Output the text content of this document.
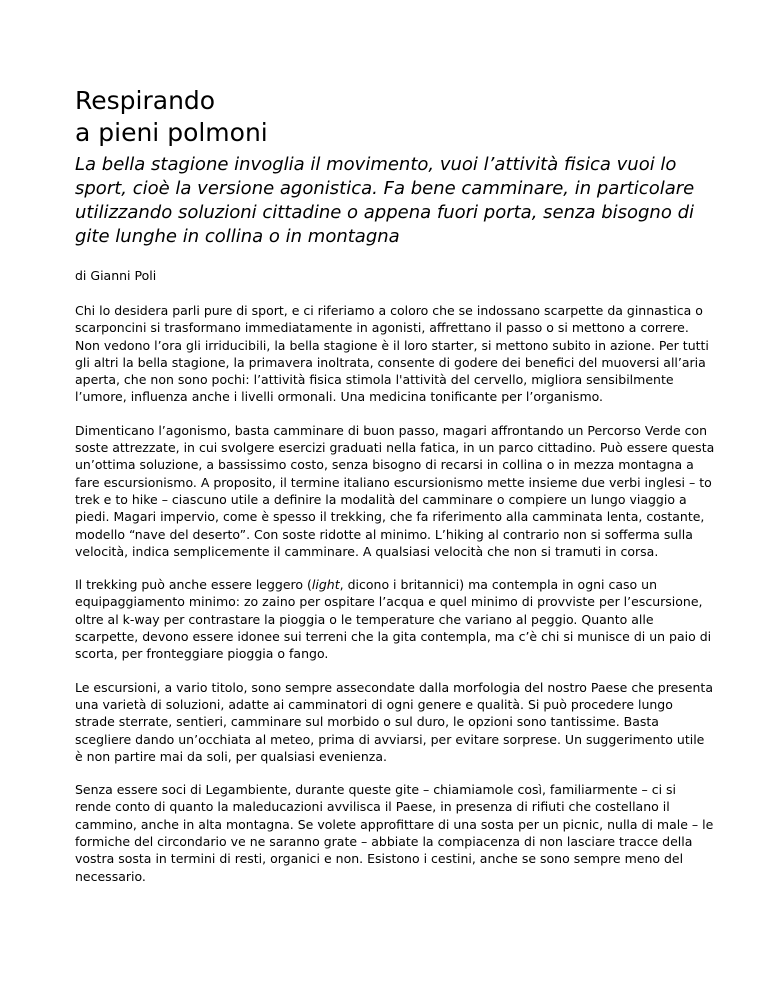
Respirando
a pieni polmoni

La bella stagione invoglia il movimento, vuoi l’attività fisica vuoi lo sport, cioè la versione agonistica. Fa bene camminare, in particolare utilizzando soluzioni cittadine o appena fuori porta, senza bisogno di gite lunghe in collina o in montagna

di Gianni Poli

Chi lo desidera parli pure di sport, e ci riferiamo a coloro che se indossano scarpette da ginnastica o scarponcini si trasformano immediatamente in agonisti, affrettano il passo o si mettono a correre. Non vedono l’ora gli irriducibili, la bella stagione è il loro starter, si mettono subito in azione. Per tutti gli altri la bella stagione, la primavera inoltrata, consente di godere dei benefici del muoversi all’aria aperta, che non sono pochi: l’attività fisica stimola l'attività del cervello, migliora sensibilmente l’umore, influenza anche i livelli ormonali. Una medicina tonificante per l’organismo.

Dimenticano l’agonismo, basta camminare di buon passo, magari affrontando un Percorso Verde con soste attrezzate, in cui svolgere esercizi graduati nella fatica, in un parco cittadino. Può essere questa un’ottima soluzione, a bassissimo costo, senza bisogno di recarsi in collina o in mezza montagna a fare escursionismo. A proposito, il termine italiano escursionismo mette insieme due verbi inglesi – to trek e to hike – ciascuno utile a definire la modalità del camminare o compiere un lungo viaggio a piedi. Magari impervio, come è spesso il trekking, che fa riferimento alla camminata lenta, costante, modello “nave del deserto”. Con soste ridotte al minimo. L’hiking al contrario non si sofferma sulla velocità, indica semplicemente il camminare. A qualsiasi velocità che non si tramuti in corsa.

Il trekking può anche essere leggero (light, dicono i britannici) ma contempla in ogni caso un equipaggiamento minimo: zo zaino per ospitare l’acqua e quel minimo di provviste per l’escursione, oltre al k-way per contrastare la pioggia o le temperature che variano al peggio. Quanto alle scarpette, devono essere idonee sui terreni che la gita contempla, ma c’è chi si munisce di un paio di scorta, per fronteggiare pioggia o fango.

Le escursioni, a vario titolo, sono sempre assecondate dalla morfologia del nostro Paese che presenta una varietà di soluzioni, adatte ai camminatori di ogni genere e qualità. Si può procedere lungo strade sterrate, sentieri, camminare sul morbido o sul duro, le opzioni sono tantissime. Basta scegliere dando un’occhiata al meteo, prima di avviarsi, per evitare sorprese. Un suggerimento utile è non partire mai da soli, per qualsiasi evenienza.

Senza essere soci di Legambiente, durante queste gite – chiamiamole così, familiarmente – ci si rende conto di quanto la maleducazioni avvilisca il Paese, in presenza di rifiuti che costellano il cammino, anche in alta montagna. Se volete approfittare di una sosta per un picnic, nulla di male – le formiche del circondario ve ne saranno grate – abbiate la compiacenza di non lasciare tracce della vostra sosta in termini di resti, organici e non. Esistono i cestini, anche se sono sempre meno del necessario.
